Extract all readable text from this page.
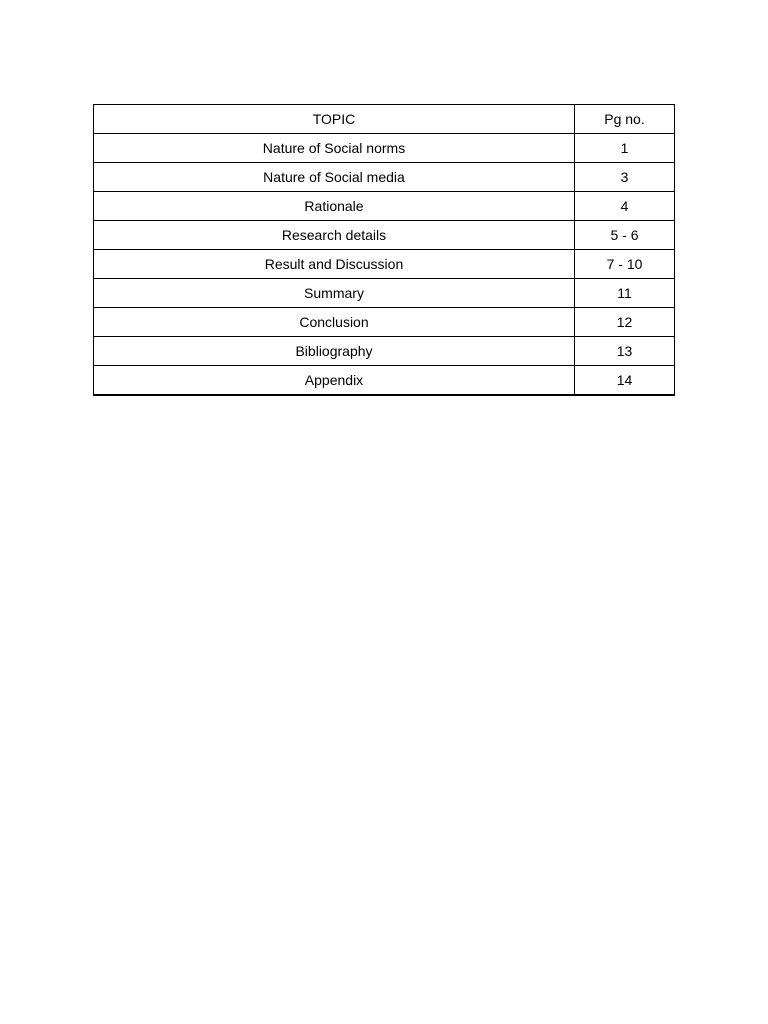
TOPIC	Pg no.
Nature of Social norms	1
Nature of Social media	3
Rationale	4
Research details	5 - 6
Result and Discussion	7 - 10
Summary	11
Conclusion	12
Bibliography	13
Appendix	14
